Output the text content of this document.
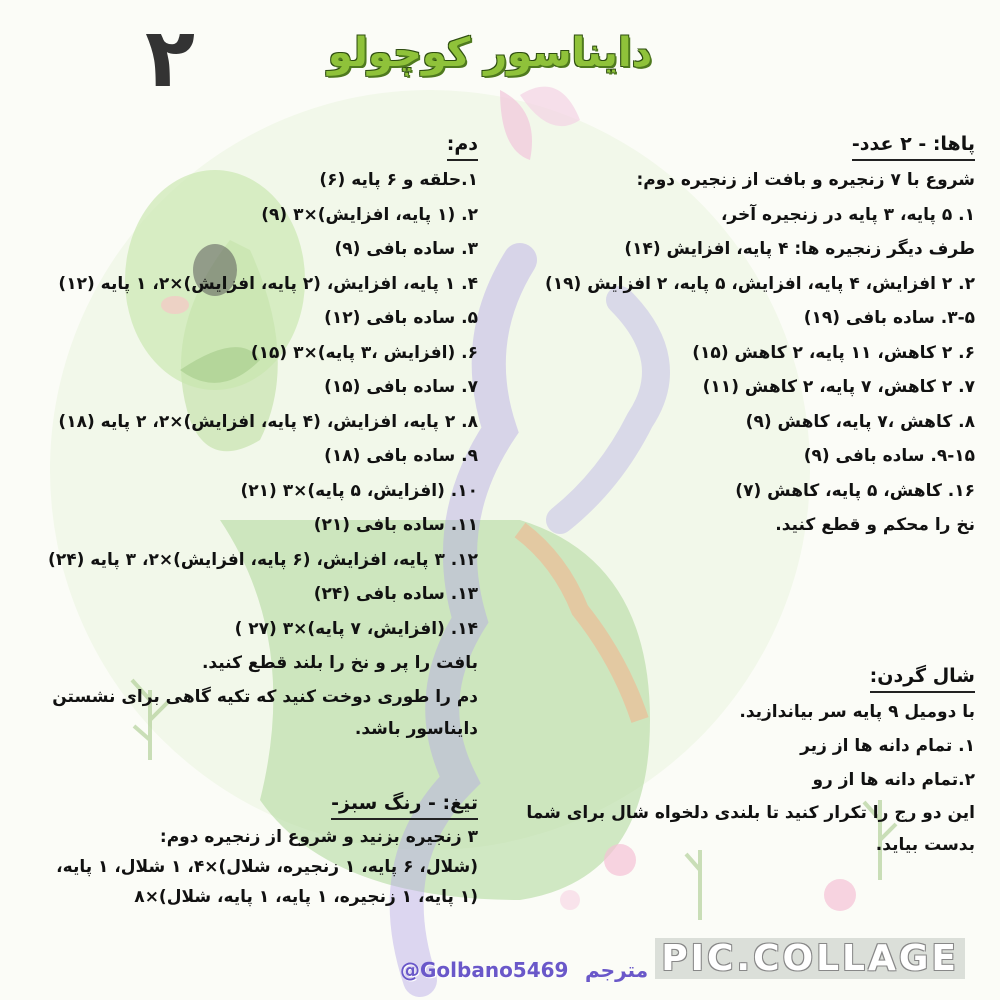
۲	دایناسور کوچولو
دم:
۱.حلقه و ۶ پایه (۶)
۲. (۱ پایه، افزایش)×۳ (۹)
۳. ساده بافی (۹)
۴. ۱ پایه، افزایش، (۲ پایه، افزایش)×۲، ۱ پایه (۱۲)
۵. ساده بافی (۱۲)
۶. (افزایش ،۳ پایه)×۳ (۱۵)
۷. ساده بافی (۱۵)
۸. ۲ پایه، افزایش، (۴ پایه، افزایش)×۲، ۲ پایه (۱۸)
۹. ساده بافی (۱۸)
۱۰. (افزایش، ۵ پایه)×۳ (۲۱)
۱۱. ساده بافی (۲۱)
۱۲. ۳ پایه، افزایش، (۶ پایه، افزایش)×۲، ۳ پایه (۲۴)
۱۳. ساده بافی (۲۴)
۱۴. (افزایش، ۷ پایه)×۳ (۲۷ )
بافت را پر و نخ را بلند قطع کنید.
دم را طوری دوخت کنید که تکیه گاهی برای نشستن دایناسور باشد.
تیغ: - رنگ سبز-
۳ زنجیره بزنید و شروع از زنجیره دوم:
(شلال، ۶ پایه، ۱ زنجیره، شلال)×۴، ۱ شلال، ۱ پایه،
(۱ پایه، ۱ زنجیره، ۱ پایه، ۱ پایه، شلال)×۸
پاها: - ۲ عدد-
شروع با ۷ زنجیره و بافت از زنجیره دوم:
۱. ۵ پایه، ۳ پایه در زنجیره آخر،
طرف دیگر زنجیره ها: ۴ پایه، افزایش (۱۴)
۲. ۲ افزایش، ۴ پایه، افزایش، ۵ پایه، ۲ افزایش (۱۹)
۳-۵. ساده بافی (۱۹)
۶. ۲ کاهش، ۱۱ پایه، ۲ کاهش (۱۵)
۷. ۲ کاهش، ۷ پایه، ۲ کاهش (۱۱)
۸. کاهش ،۷ پایه، کاهش (۹)
۹-۱۵. ساده بافی (۹)
۱۶. کاهش، ۵ پایه، کاهش (۷)
نخ را محکم و قطع کنید.
شال گردن:
با دومیل ۹ پایه سر بیاندازید.
۱. تمام دانه ها از زیر
۲.تمام دانه ها از رو
این دو رج را تکرار کنید تا بلندی دلخواه شال برای شما بدست بیاید.
@Golbano5469 مترجم PIC.COLLAGE
